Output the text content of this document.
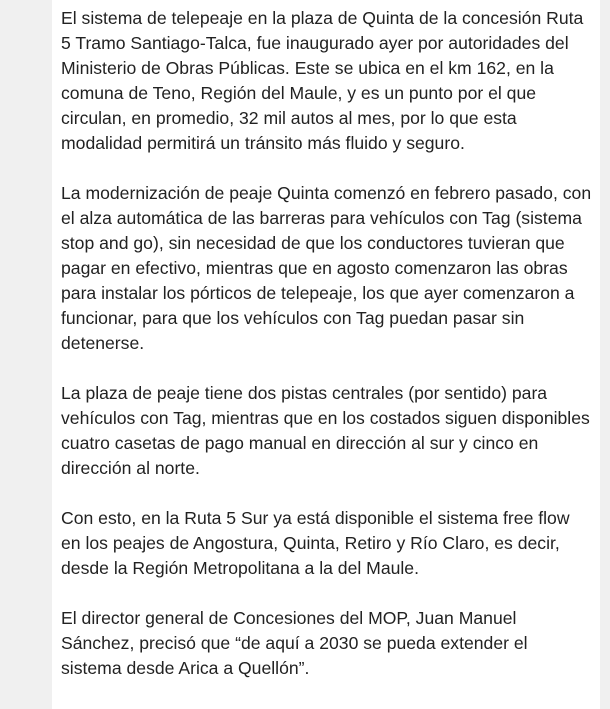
El sistema de telepeaje en la plaza de Quinta de la concesión Ruta 5 Tramo Santiago-Talca, fue inaugurado ayer por autoridades del Ministerio de Obras Públicas. Este se ubica en el km 162, en la comuna de Teno, Región del Maule, y es un punto por el que circulan, en promedio, 32 mil autos al mes, por lo que esta modalidad permitirá un tránsito más fluido y seguro.

La modernización de peaje Quinta comenzó en febrero pasado, con el alza automática de las barreras para vehículos con Tag (sistema stop and go), sin necesidad de que los conductores tuvieran que pagar en efectivo, mientras que en agosto comenzaron las obras para instalar los pórticos de telepeaje, los que ayer comenzaron a funcionar, para que los vehículos con Tag puedan pasar sin detenerse.

La plaza de peaje tiene dos pistas centrales (por sentido) para vehículos con Tag, mientras que en los costados siguen disponibles cuatro casetas de pago manual en dirección al sur y cinco en dirección al norte.

Con esto, en la Ruta 5 Sur ya está disponible el sistema free flow en los peajes de Angostura, Quinta, Retiro y Río Claro, es decir, desde la Región Metropolitana a la del Maule.

El director general de Concesiones del MOP, Juan Manuel Sánchez, precisó que “de aquí a 2030 se pueda extender el sistema desde Arica a Quellón”.
